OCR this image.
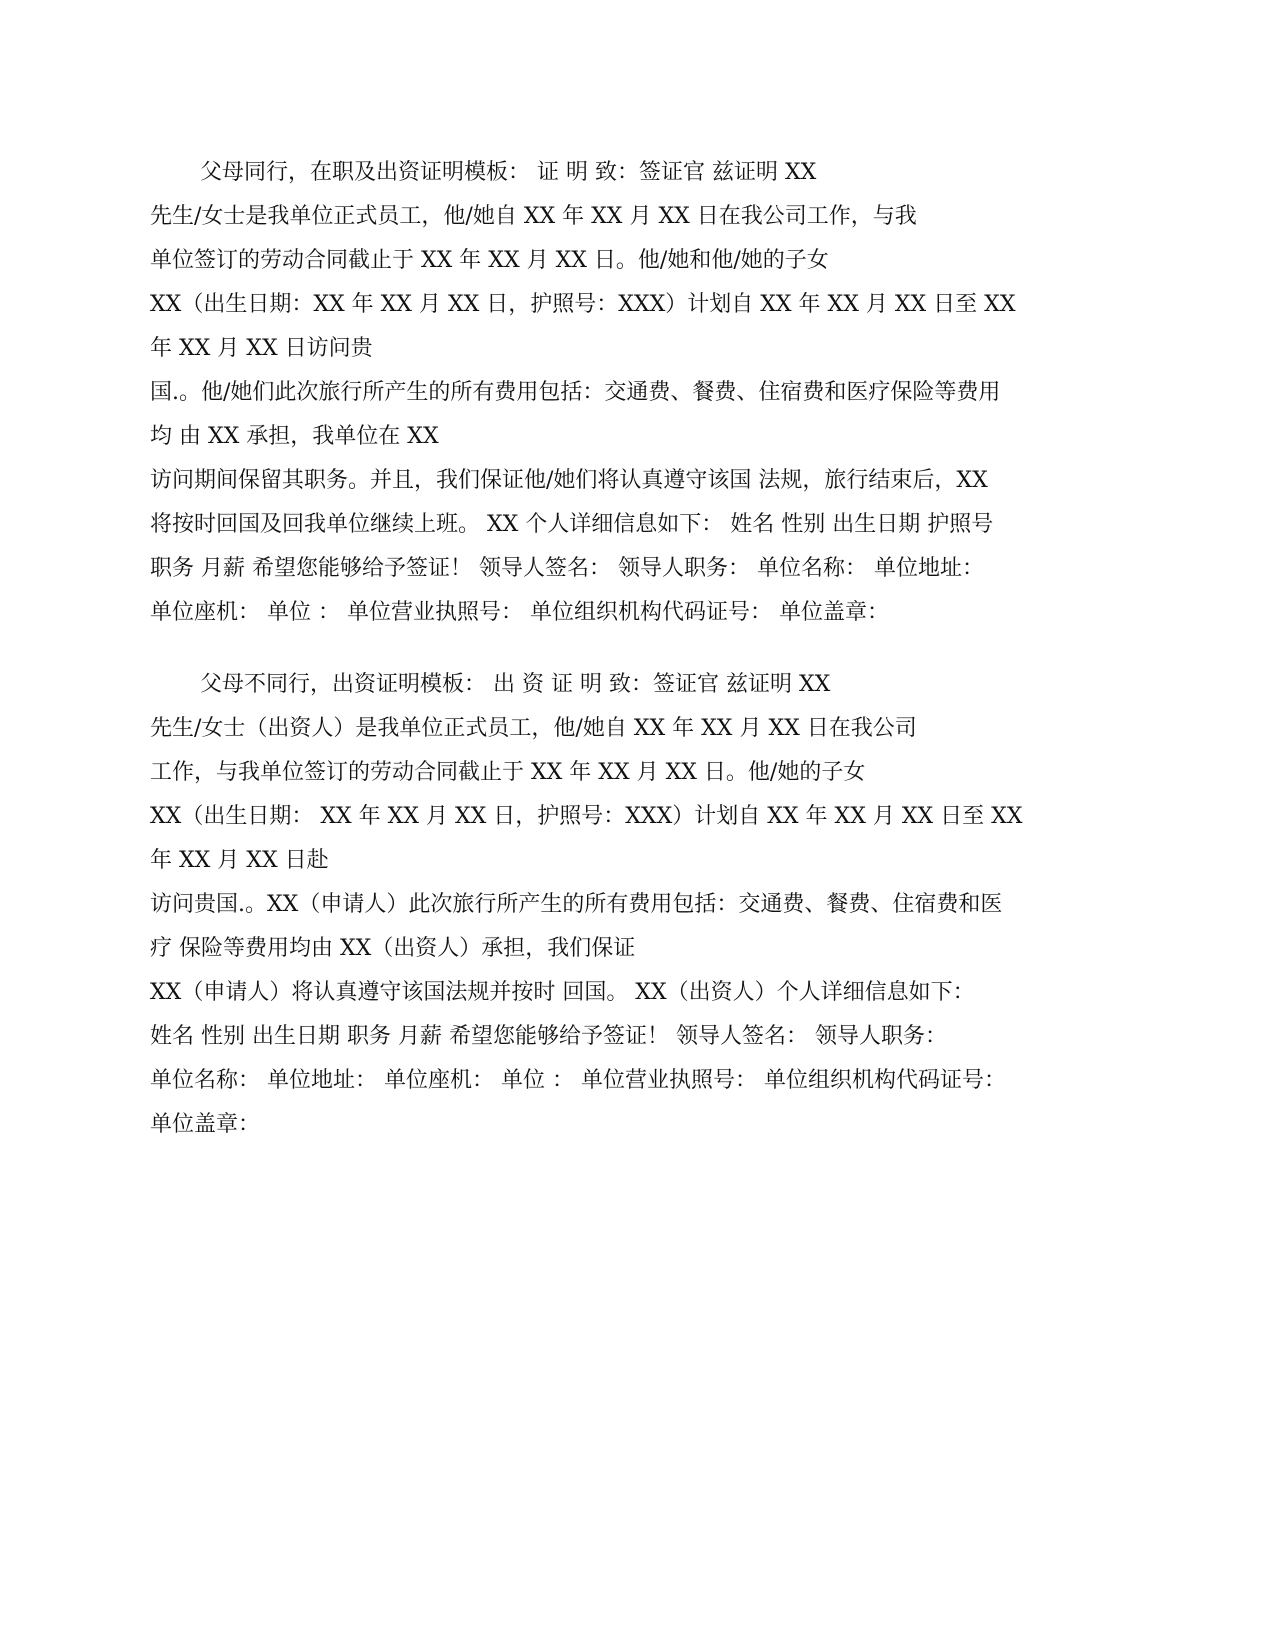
父母同行，在职及出资证明模板： 证 明 致：签证官 兹证明 XX
先生/女士是我单位正式员工，他/她自 XX 年 XX 月 XX 日在我公司工作，与我
单位签订的劳动合同截止于 XX 年 XX 月 XX 日。他/她和他/她的子女
XX（出生日期：XX 年 XX 月 XX 日，护照号：XXX）计划自 XX 年 XX 月 XX 日至 XX
年 XX 月 XX 日访问贵
国.。他/她们此次旅行所产生的所有费用包括：交通费、餐费、住宿费和医疗保险等费用
均 由 XX 承担，我单位在 XX
访问期间保留其职务。并且，我们保证他/她们将认真遵守该国 法规，旅行结束后，XX
将按时回国及回我单位继续上班。 XX 个人详细信息如下： 姓名 性别 出生日期 护照号
职务 月薪 希望您能够给予签证！ 领导人签名： 领导人职务： 单位名称： 单位地址：
单位座机： 单位 ： 单位营业执照号： 单位组织机构代码证号： 单位盖章：
父母不同行，出资证明模板： 出 资 证 明 致：签证官 兹证明 XX
先生/女士（出资人）是我单位正式员工，他/她自 XX 年 XX 月 XX 日在我公司
工作，与我单位签订的劳动合同截止于 XX 年 XX 月 XX 日。他/她的子女
XX（出生日期： XX 年 XX 月 XX 日，护照号：XXX）计划自 XX 年 XX 月 XX 日至 XX
年 XX 月 XX 日赴
访问贵国.。XX（申请人）此次旅行所产生的所有费用包括：交通费、餐费、住宿费和医
疗 保险等费用均由 XX（出资人）承担，我们保证
XX（申请人）将认真遵守该国法规并按时 回国。 XX（出资人）个人详细信息如下：
姓名 性别 出生日期 职务 月薪 希望您能够给予签证！ 领导人签名： 领导人职务：
单位名称： 单位地址： 单位座机： 单位 ： 单位营业执照号： 单位组织机构代码证号：
单位盖章：
